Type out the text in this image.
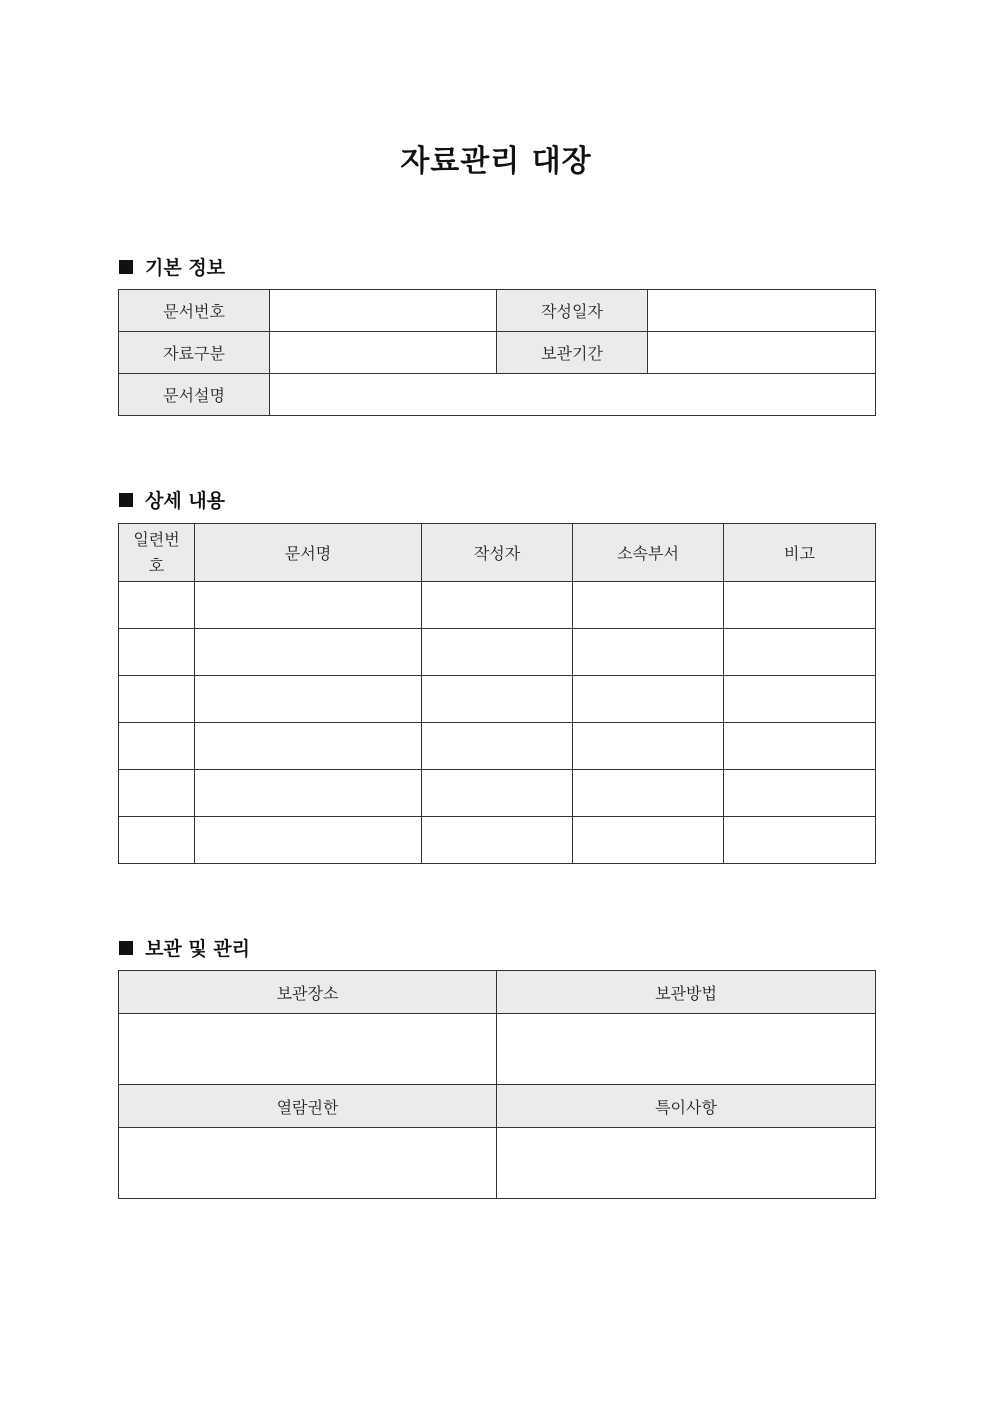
자료관리 대장
기본 정보
문서번호		작성일자	
자료구분		보관기간	
문서설명			
상세 내용
일련번호	문서명	작성자	소속부서	비고

보관 및 관리
보관장소	보관방법

열람권한	특이사항
